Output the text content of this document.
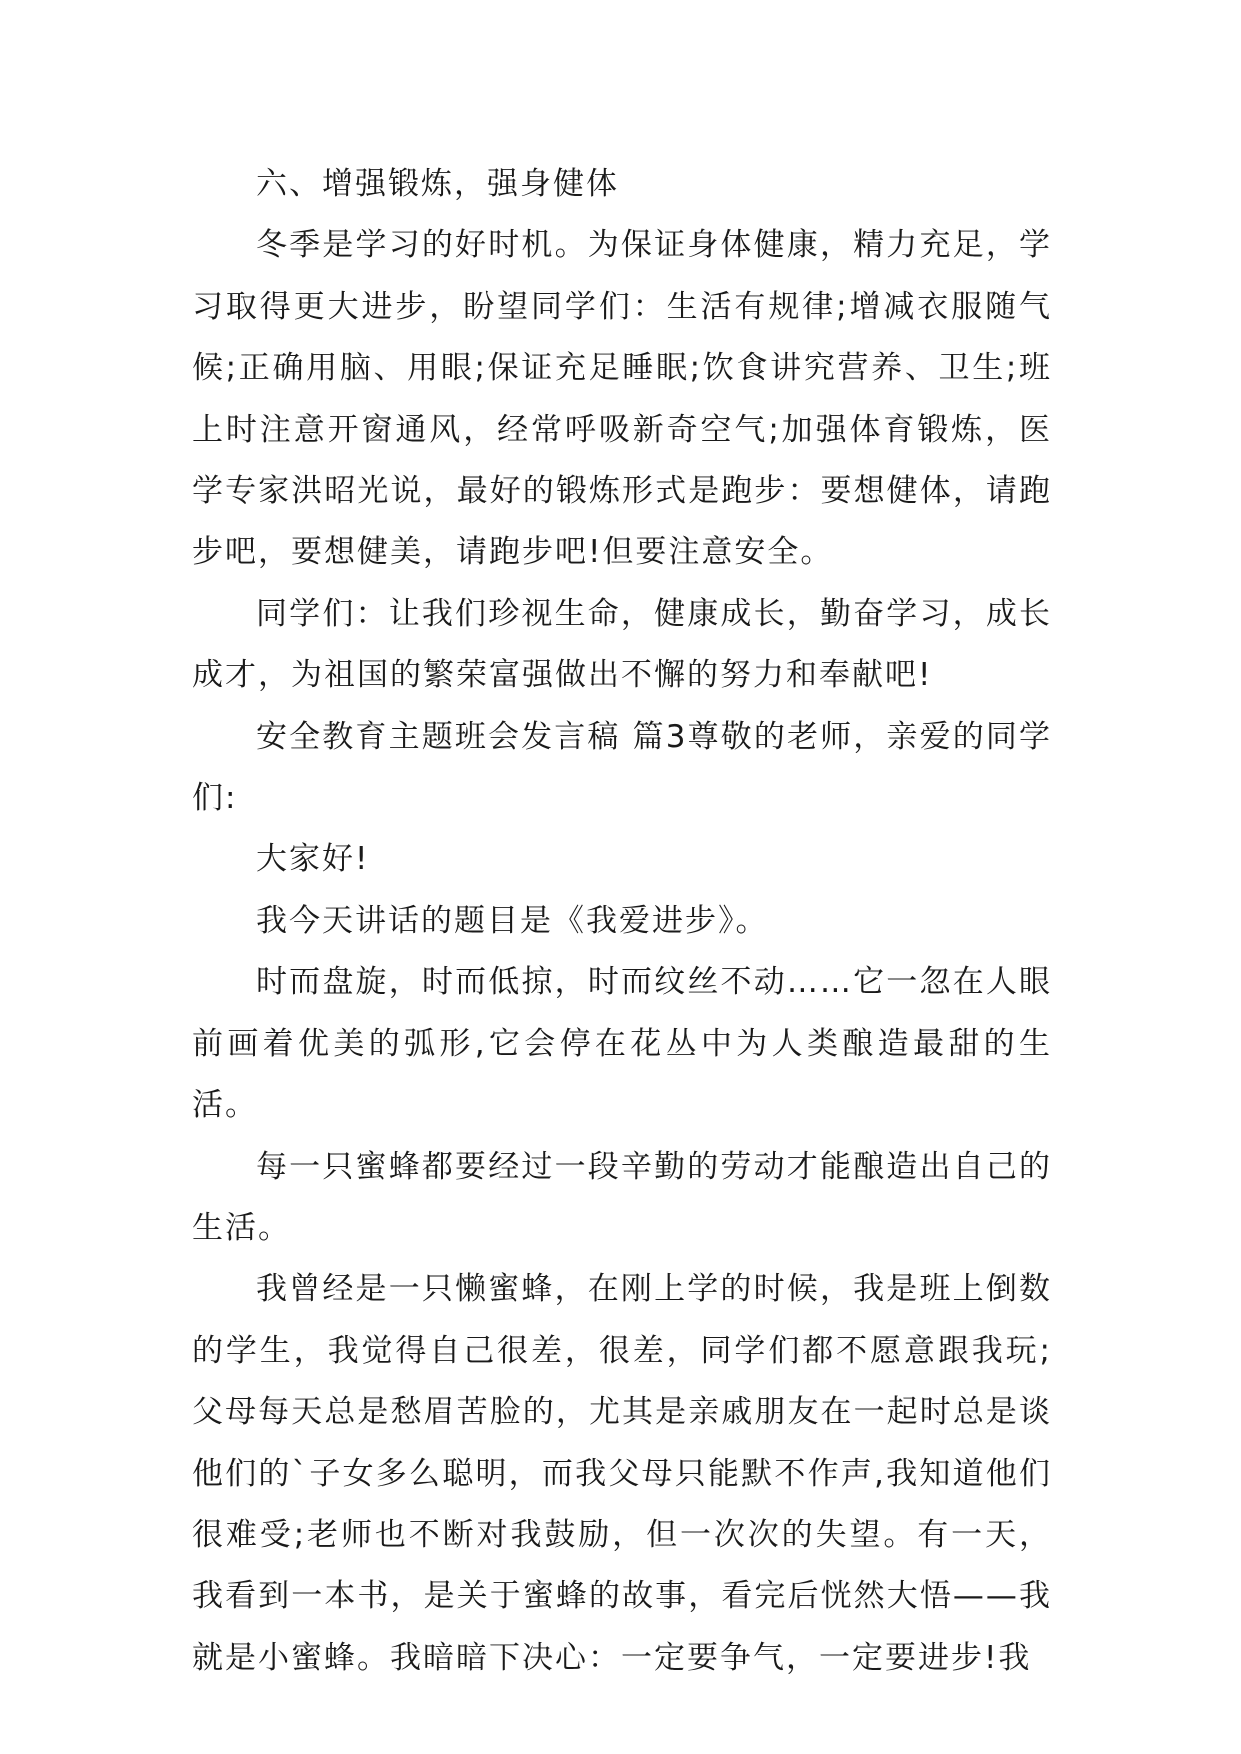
六、增强锻炼，强身健体

冬季是学习的好时机。为保证身体健康，精力充足，学习取得更大进步，盼望同学们：生活有规律;增减衣服随气候;正确用脑、用眼;保证充足睡眠;饮食讲究营养、卫生;班上时注意开窗通风，经常呼吸新奇空气;加强体育锻炼，医学专家洪昭光说，最好的锻炼形式是跑步：要想健体，请跑步吧，要想健美，请跑步吧!但要注意安全。

同学们：让我们珍视生命，健康成长，勤奋学习，成长成才，为祖国的繁荣富强做出不懈的努力和奉献吧!

安全教育主题班会发言稿 篇3尊敬的老师，亲爱的同学们:

大家好!

我今天讲话的题目是《我爱进步》。

时而盘旋，时而低掠，时而纹丝不动……它一忽在人眼前画着优美的弧形,它会停在花丛中为人类酿造最甜的生活。

每一只蜜蜂都要经过一段辛勤的劳动才能酿造出自己的生活。

我曾经是一只懒蜜蜂，在刚上学的时候，我是班上倒数的学生，我觉得自己很差，很差，同学们都不愿意跟我玩;父母每天总是愁眉苦脸的，尤其是亲戚朋友在一起时总是谈他们的`子女多么聪明，而我父母只能默不作声,我知道他们很难受;老师也不断对我鼓励，但一次次的失望。有一天，我看到一本书，是关于蜜蜂的故事，看完后恍然大悟——我就是小蜜蜂。我暗暗下决心：一定要争气，一定要进步!我
